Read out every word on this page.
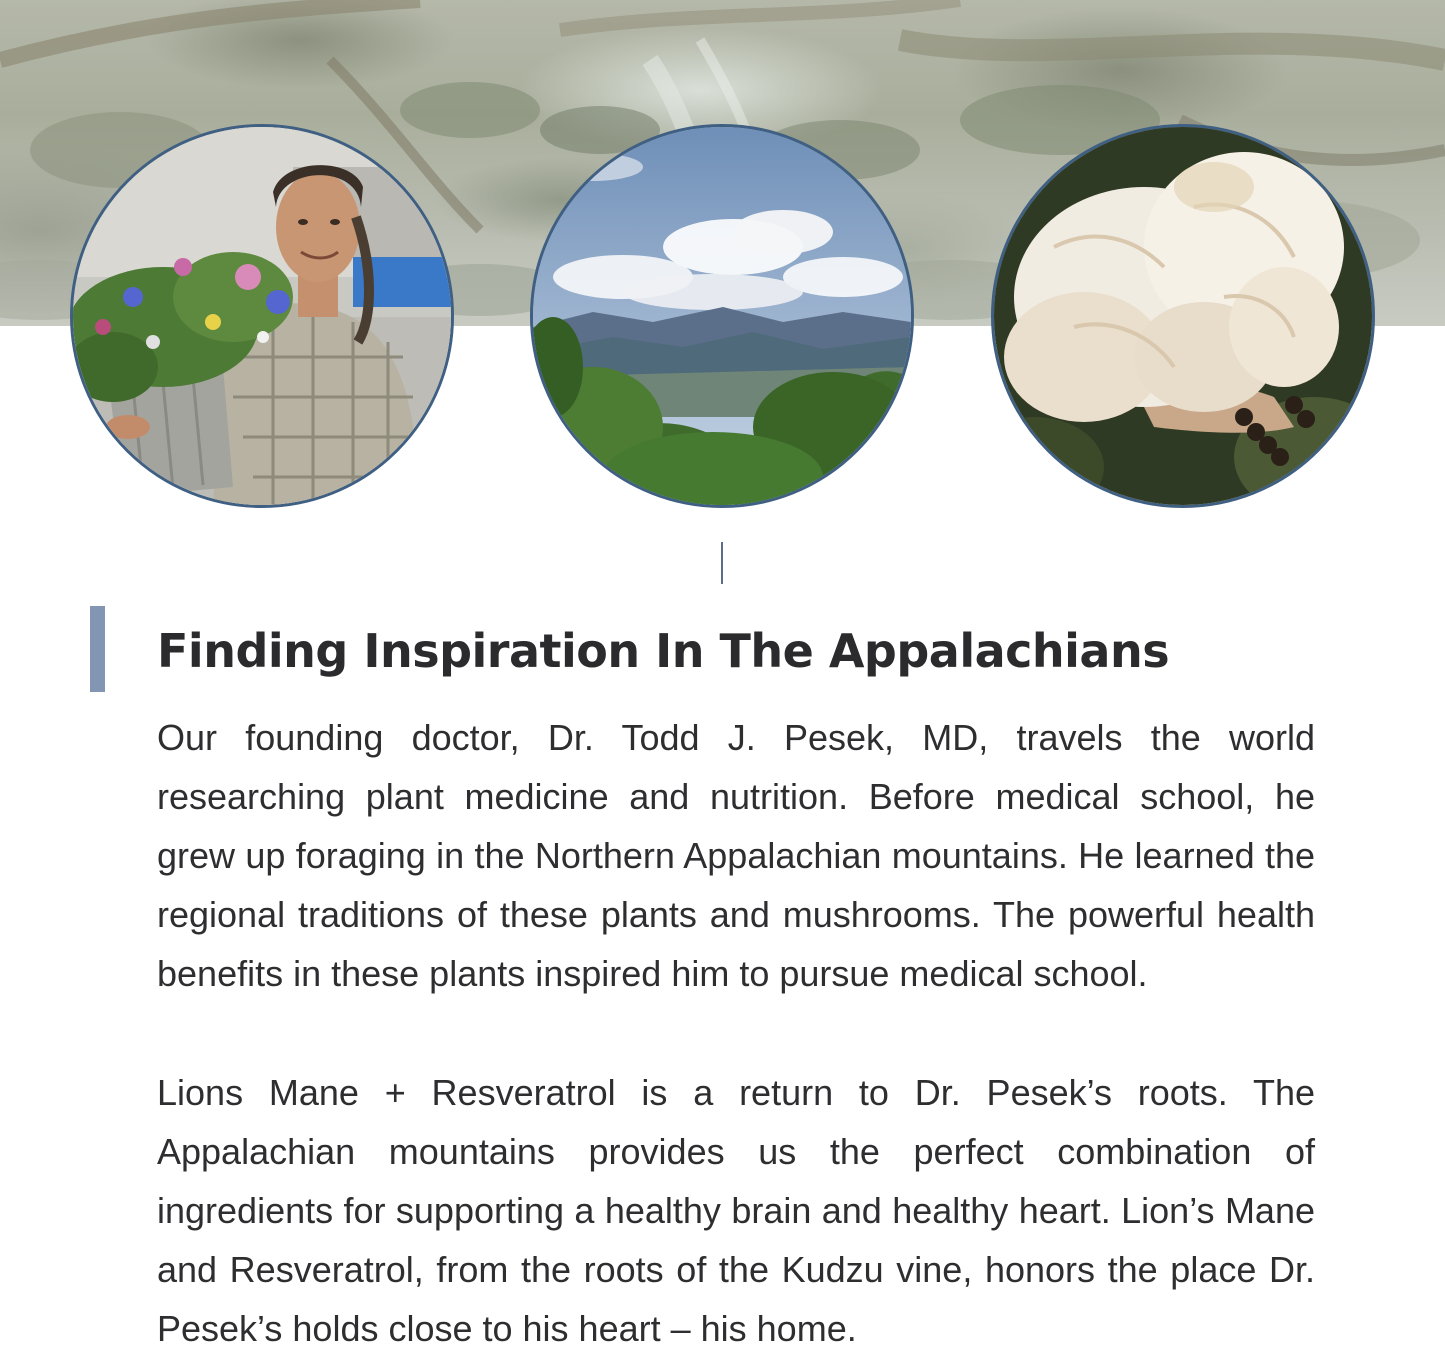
Finding Inspiration In The Appalachians

Our founding doctor, Dr. Todd J. Pesek, MD, travels the world researching plant medicine and nutrition. Before medical school, he grew up foraging in the Northern Appalachian mountains. He learned the regional traditions of these plants and mushrooms. The powerful health benefits in these plants inspired him to pursue medical school.

Lions Mane + Resveratrol is a return to Dr. Pesek’s roots. The Appalachian mountains provides us the perfect combination of ingredients for supporting a healthy brain and healthy heart. Lion’s Mane and Resveratrol, from the roots of the Kudzu vine, honors the place Dr. Pesek’s holds close to his heart – his home.
